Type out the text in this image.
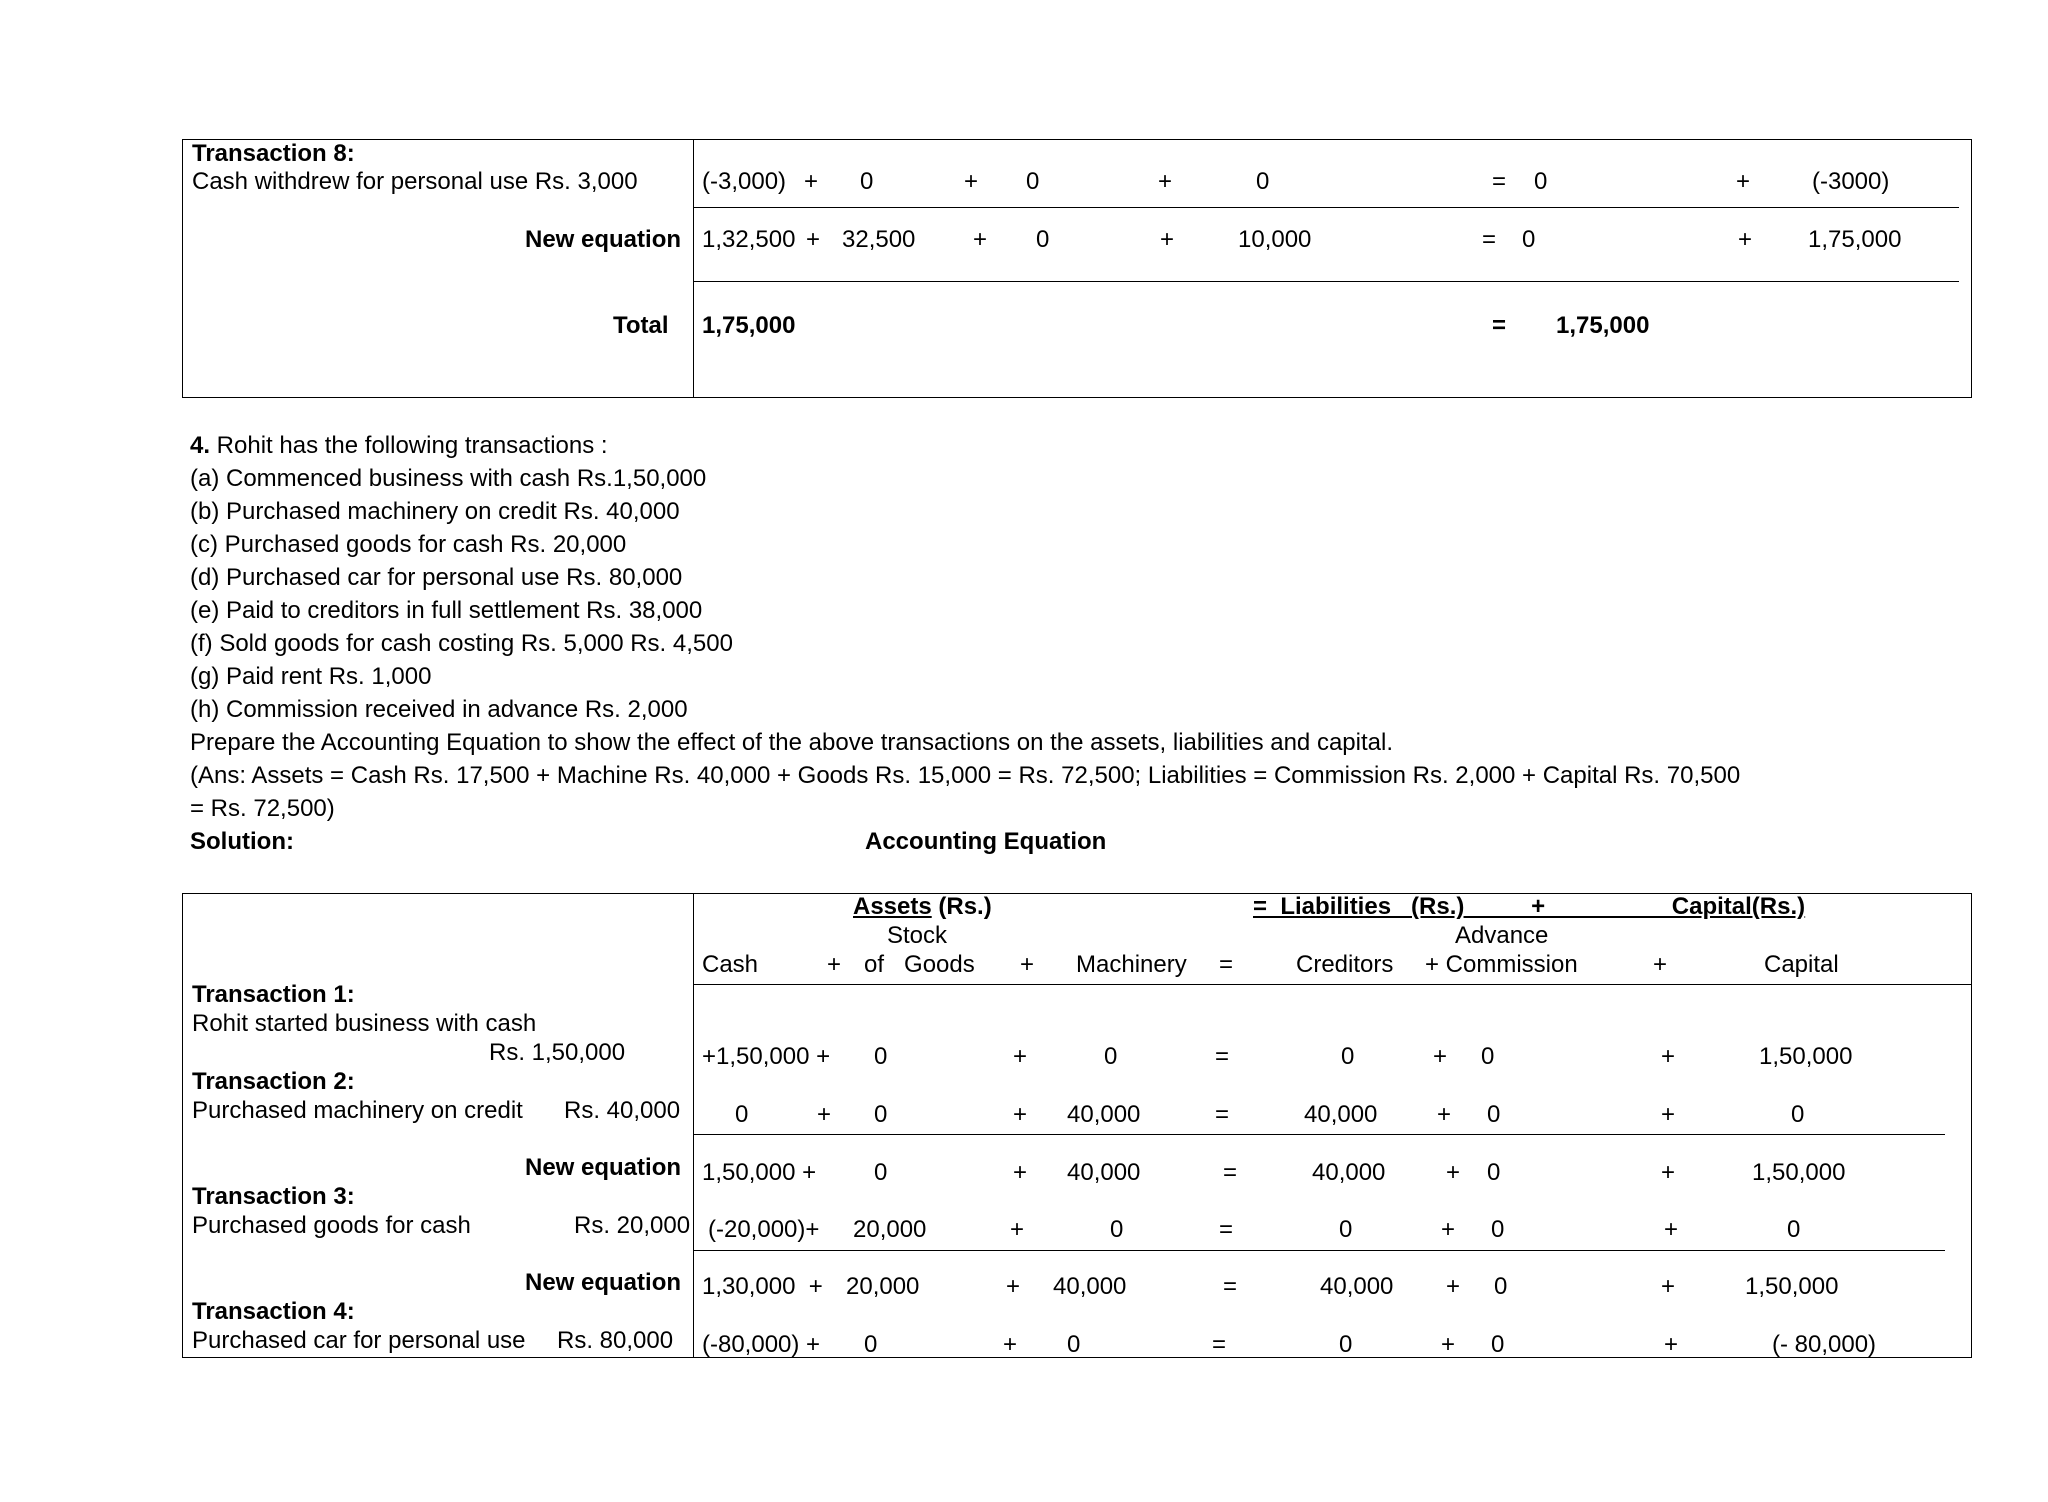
Transaction 8:
Cash withdrew for personal use Rs. 3,000	(-3,000) + 0	+ 0	+	0	= 0	+	(-3000)
New equation 1,32,500 + 32,500 + 0	+	10,000	= 0	+ 1,75,000
Total 1,75,000	= 1,75,000
4. Rohit has the following transactions :
(a) Commenced business with cash Rs.1,50,000
(b) Purchased machinery on credit Rs. 40,000
(c) Purchased goods for cash Rs. 20,000
(d) Purchased car for personal use Rs. 80,000
(e) Paid to creditors in full settlement Rs. 38,000
(f) Sold goods for cash costing Rs. 5,000 Rs. 4,500
(g) Paid rent Rs. 1,000
(h) Commission received in advance Rs. 2,000
Prepare the Accounting Equation to show the effect of the above transactions on the assets, liabilities and capital.
(Ans: Assets = Cash Rs. 17,500 + Machine Rs. 40,000 + Goods Rs. 15,000 = Rs. 72,500; Liabilities = Commission Rs. 2,000 + Capital Rs. 70,500
= Rs. 72,500)
Solution:	Accounting Equation
Assets (Rs.)	=  Liabilities   (Rs.)          +                   Capital(Rs.)
Stock	Advance
Cash	+ of   Goods + Machinery =	Creditors + Commission	+	Capital
Transaction 1:
Rohit started business with cash
Rs. 1,50,000	+1,50,000 + 0	+	0	=	0	+ 0	+	1,50,000
Transaction 2:
Purchased machinery on credit Rs. 40,000 0	+ 0	+ 40,000	=	40,000 + 0	+	0
New equation 1,50,000 + 0	+ 40,000	=	40,000	+ 0	+	1,50,000
Transaction 3:
Purchased goods for cash	Rs. 20,000 (-20,000)+ 20,000	+	0	=	0	+ 0	+	0
New equation 1,30,000  + 20,000	+ 40,000	=	40,000 + 0	+	1,50,000
Transaction 4:
Purchased car for personal use Rs. 80,000 (-80,000) + 0	+ 0	=	0	+ 0	+	(- 80,000)
